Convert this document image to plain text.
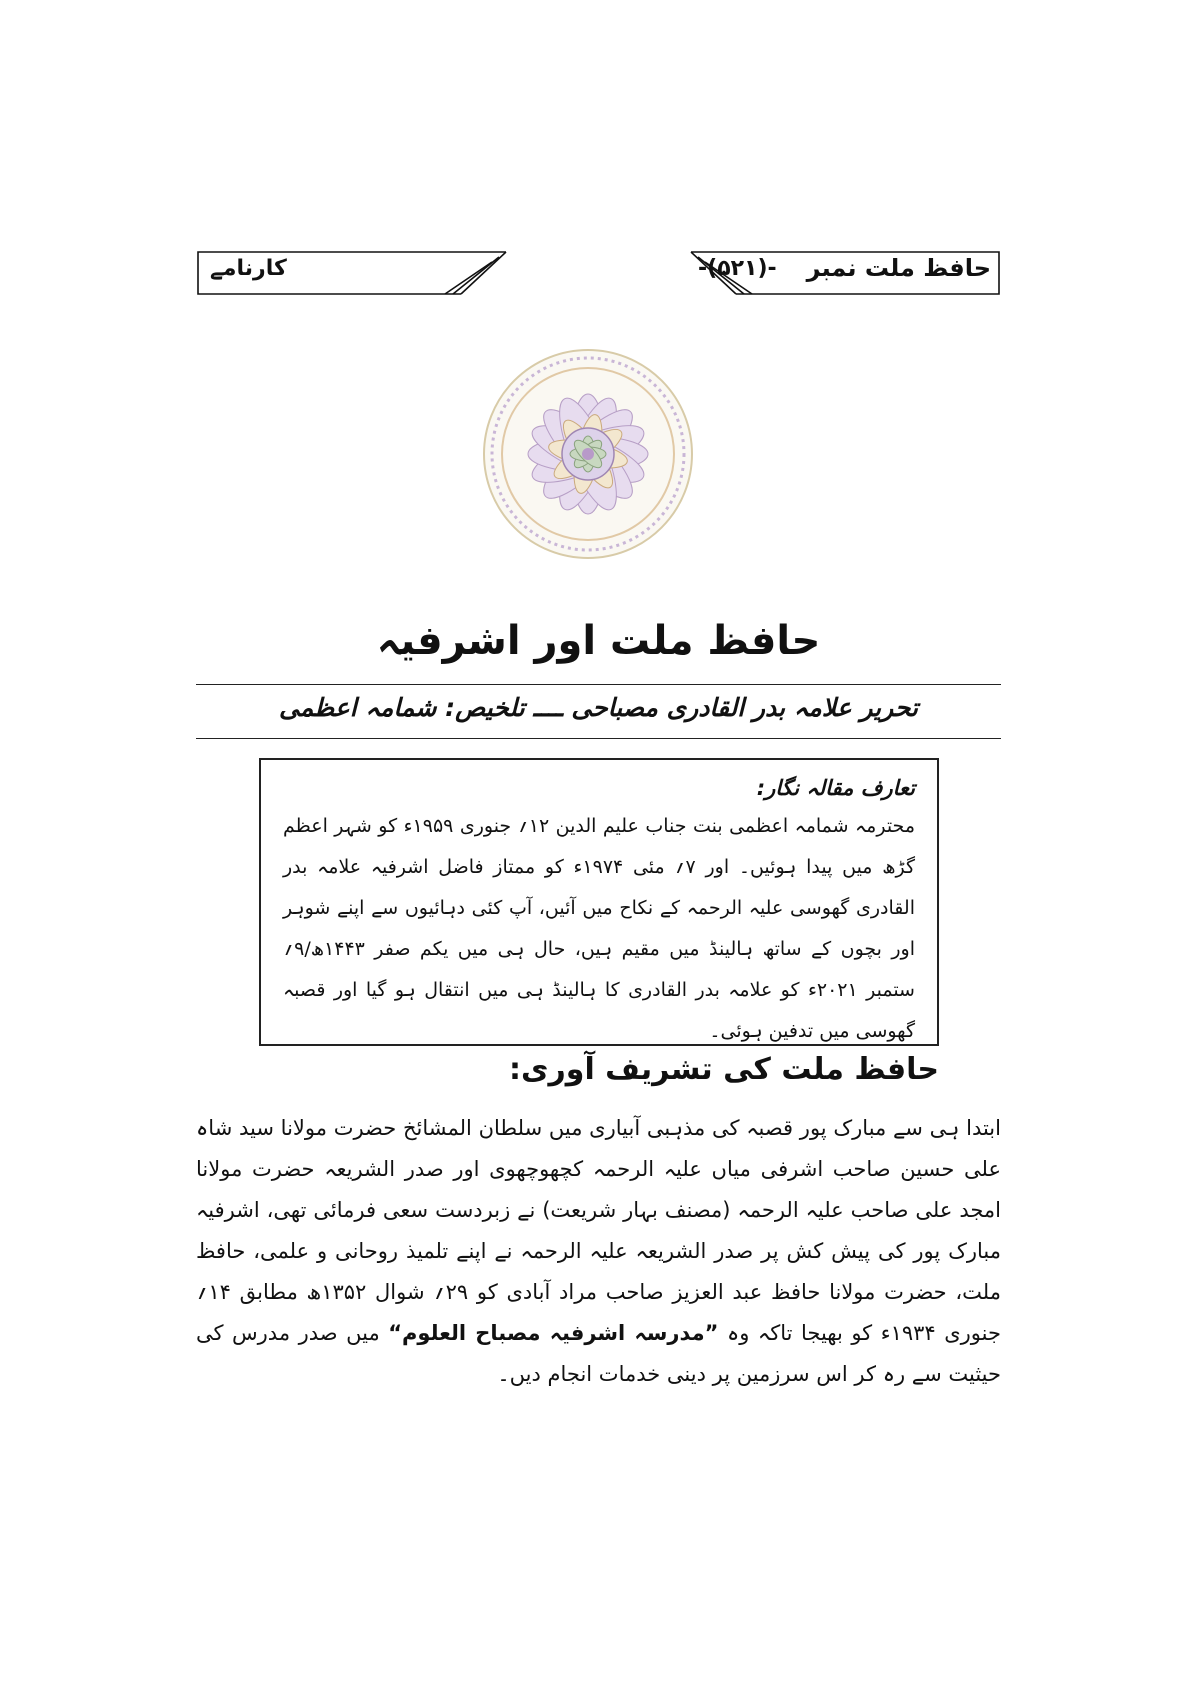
حافظ ملت نمبر
-(۵۲۱)-
کارنامے
حافظ ملت اور اشرفیہ
تحریر علامہ بدر القادری مصباحی ــــ تلخیص: شمامہ اعظمی
تعارف مقالہ نگار:

محترمہ شمامہ اعظمی بنت جناب علیم الدین ۱۲؍ جنوری ۱۹۵۹ء کو شہر اعظم گڑھ میں پیدا ہوئیں۔ اور ۷؍ مئی ۱۹۷۴ء کو ممتاز فاضل اشرفیہ علامہ بدر القادری گھوسی علیہ الرحمہ کے نکاح میں آئیں، آپ کئی دہائیوں سے اپنے شوہر اور بچوں کے ساتھ ہالینڈ میں مقیم ہیں، حال ہی میں یکم صفر ۱۴۴۳ھ/۹؍ ستمبر ۲۰۲۱ء کو علامہ بدر القادری کا ہالینڈ ہی میں انتقال ہو گیا اور قصبہ گھوسی میں تدفین ہوئی۔

حافظ ملت کی تشریف آوری:

ابتدا ہی سے مبارک پور قصبہ کی مذہبی آبیاری میں سلطان المشائخ حضرت مولانا سید شاہ علی حسین صاحب اشرفی میاں علیہ الرحمہ کچھوچھوی اور صدر الشریعہ حضرت مولانا امجد علی صاحب علیہ الرحمہ (مصنف بہار شریعت) نے زبردست سعی فرمائی تھی، اشرفیہ مبارک پور کی پیش کش پر صدر الشریعہ علیہ الرحمہ نے اپنے تلمیذ روحانی و علمی، حافظ ملت، حضرت مولانا حافظ عبد العزیز صاحب مراد آبادی کو ۲۹؍ شوال ۱۳۵۲ھ مطابق ۱۴؍ جنوری ۱۹۳۴ء کو بھیجا تاکہ وہ ”مدرسہ اشرفیہ مصباح العلوم“ میں صدر مدرس کی حیثیت سے رہ کر اس سرزمین پر دینی خدمات انجام دیں۔
